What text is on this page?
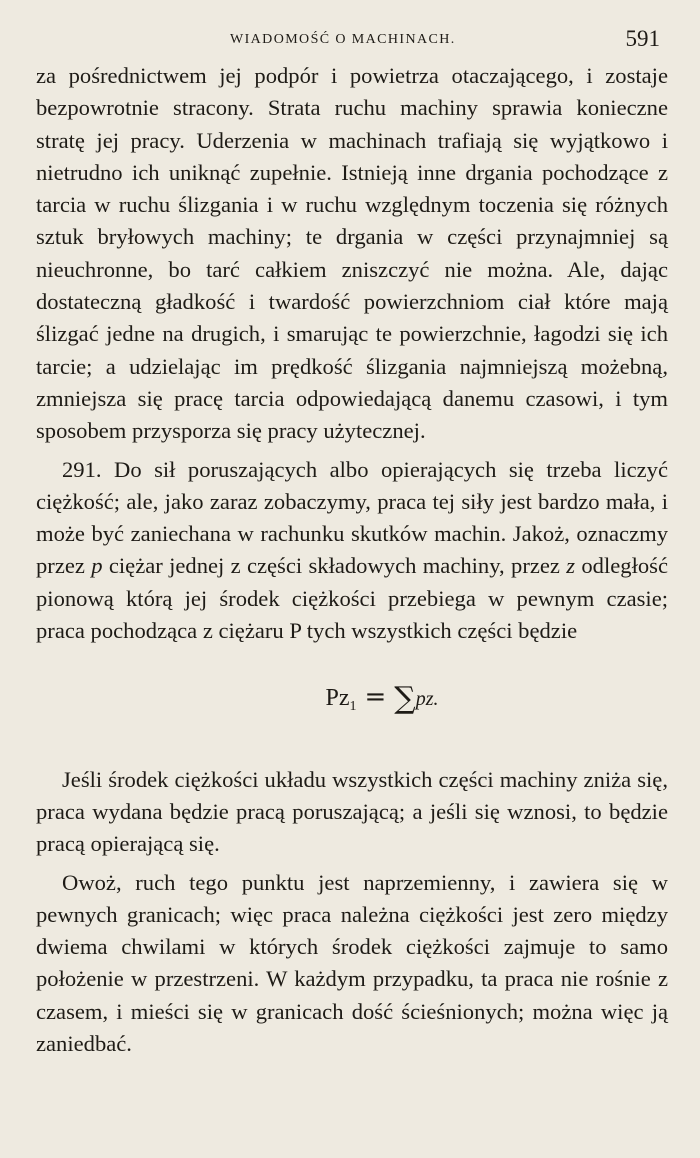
WIADOMOŚĆ O MACHINACH.	591

za pośrednictwem jej podpór i powietrza otaczającego, i zostaje bezpowrotnie stracony. Strata ruchu machiny sprawia konieczne stratę jej pracy. Uderzenia w machinach trafiają się wyjątkowo i nietrudno ich uniknąć zupełnie. Istnieją inne drgania pochodzące z tarcia w ruchu ślizgania i w ruchu względnym toczenia się różnych sztuk bryłowych machiny; te drgania w części przynajmniej są nieuchronne, bo tarć całkiem zniszczyć nie można. Ale, dając dostateczną gładkość i twardość powierzchniom ciał które mają ślizgać jedne na drugich, i smarując te powierzchnie, łagodzi się ich tarcie; a udzielając im prędkość ślizgania najmniejszą możebną, zmniejsza się pracę tarcia odpowiedającą danemu czasowi, i tym sposobem przysporza się pracy użytecznej.

291. Do sił poruszających albo opierających się trzeba liczyć ciężkość; ale, jako zaraz zobaczymy, praca tej siły jest bardzo mała, i może być zaniechana w rachunku skutków machin. Jakoż, oznaczmy przez p ciężar jednej z części składowych machiny, przez z odległość pionową którą jej środek ciężkości przebiega w pewnym czasie; praca pochodząca z ciężaru P tych wszystkich części będzie

$Pz_1 = \sum pz$.

Jeśli środek ciężkości układu wszystkich części machiny zniża się, praca wydana będzie pracą poruszającą; a jeśli się wznosi, to będzie pracą opierającą się.

Owoż, ruch tego punktu jest naprzemienny, i zawiera się w pewnych granicach; więc praca należna ciężkości jest zero między dwiema chwilami w których środek ciężkości zajmuje to samo położenie w przestrzeni. W każdym przypadku, ta praca nie rośnie z czasem, i mieści się w granicach dość ścieśnionych; można więc ją zaniedbać.
